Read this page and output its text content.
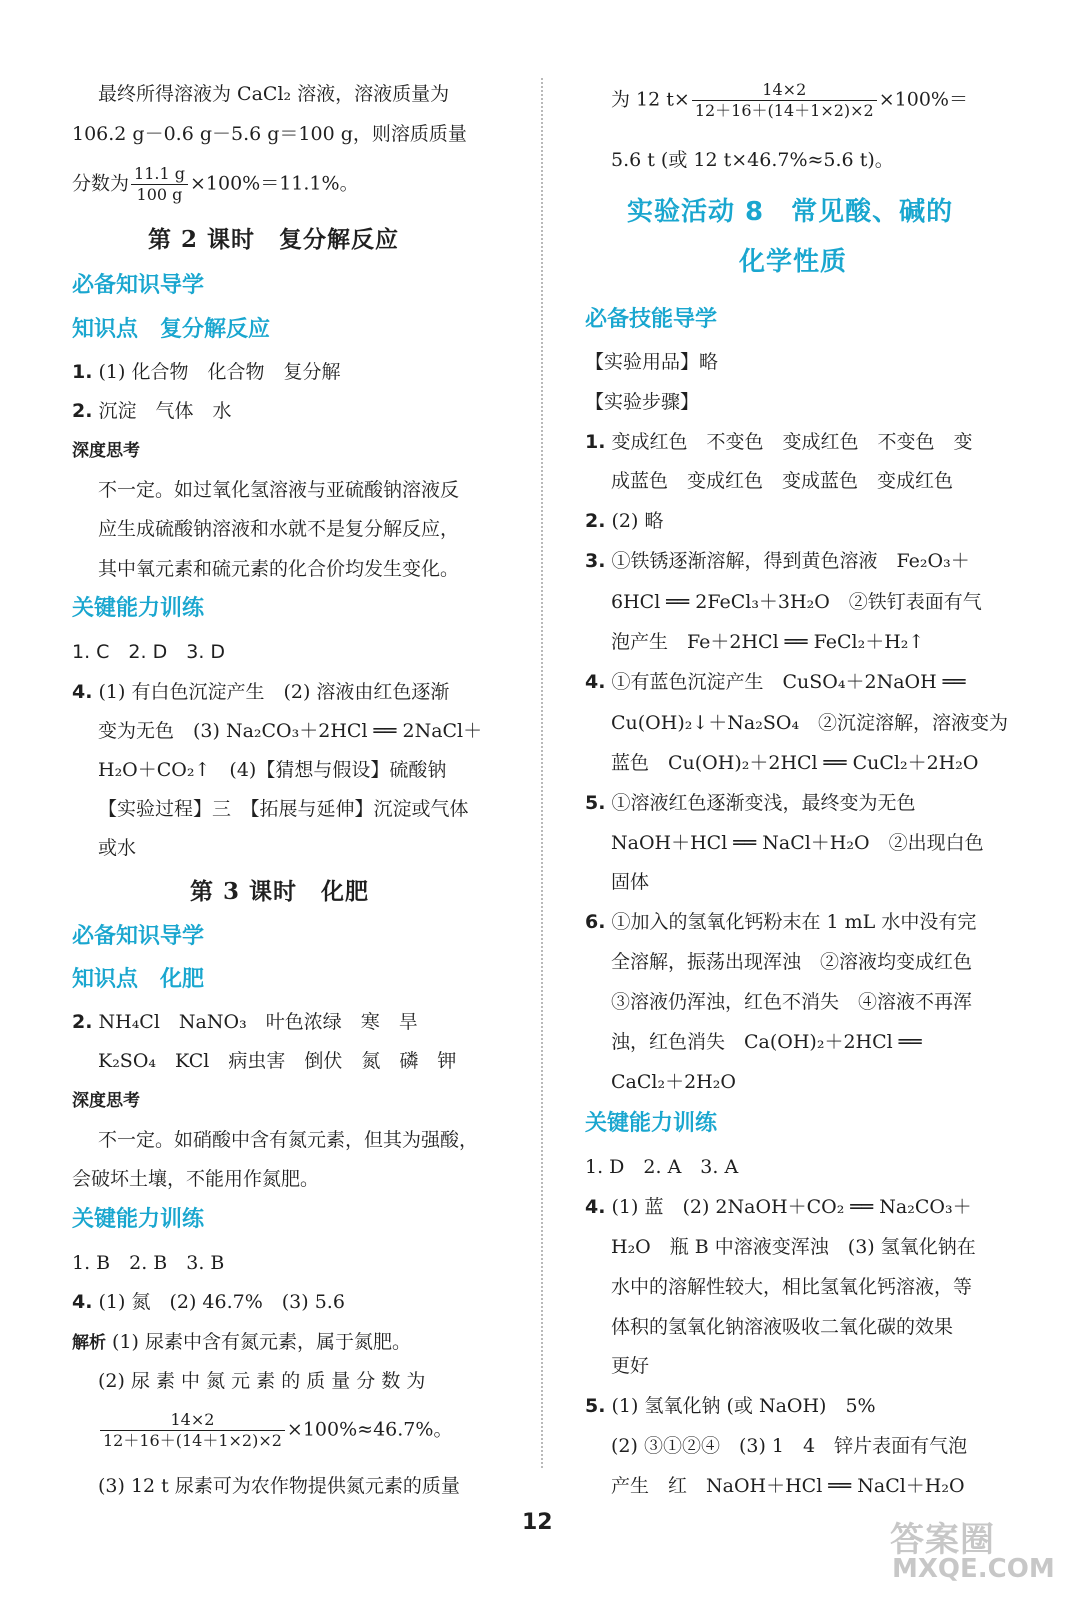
最终所得溶液为 CaCl₂ 溶液，溶液质量为
106.2 g－0.6 g－5.6 g＝100 g，则溶质质量
分数为 $\frac{11.1 g}{100 g} \times 100\%=11.1\%$。
第 2 课时　复分解反应
必备知识导学
知识点　复分解反应
1. (1) 化合物　化合物　复分解
2. 沉淀　气体　水
深度思考
不一定。如过氧化氢溶液与亚硫酸钠溶液反
应生成硫酸钠溶液和水就不是复分解反应，
其中氧元素和硫元素的化合价均发生变化。
关键能力训练
1. C　2. D　3. D
4. (1) 有白色沉淀产生　(2) 溶液由红色逐渐
变为无色　(3) Na₂CO₃＋2HCl ══ 2NaCl＋
H₂O＋CO₂↑　(4)【猜想与假设】硫酸钠
【实验过程】三　【拓展与延伸】沉淀或气体
或水
第 3 课时　化肥
必备知识导学
知识点　化肥
2. NH₄Cl　NaNO₃　叶色浓绿　寒　旱
K₂SO₄　KCl　病虫害　倒伏　氮　磷　钾
深度思考
不一定。如硝酸中含有氮元素，但其为强酸，
会破坏土壤，不能用作氮肥。
关键能力训练
1. B　2. B　3. B
4. (1) 氮　(2) 46.7%　(3) 5.6
解析 (1) 尿素中含有氮元素，属于氮肥。
(2) 尿 素 中 氮 元 素 的 质 量 分 数 为
$\frac{14\times 2}{12+16+(14+1\times 2)\times 2} \times 100\%\approx 46.7\%$。
(3) 12 t 尿素可为农作物提供氮元素的质量
为 12 $t\times \frac{14\times 2}{12+16+(14+1\times 2)\times 2} \times 100\%=$
5.6 t (或 12 t×46.7%≈5.6 t)。
实验活动 8　常见酸、碱的
化学性质
必备技能导学
【实验用品】略
【实验步骤】
1. 变成红色　不变色　变成红色　不变色　变
成蓝色　变成红色　变成蓝色　变成红色
2. (2) 略
3. ①铁锈逐渐溶解，得到黄色溶液　Fe₂O₃＋
6HCl ══ 2FeCl₃＋3H₂O　②铁钉表面有气
泡产生　Fe＋2HCl ══ FeCl₂＋H₂↑
4. ①有蓝色沉淀产生　CuSO₄＋2NaOH ══
Cu(OH)₂↓＋Na₂SO₄　②沉淀溶解，溶液变为
蓝色　Cu(OH)₂＋2HCl ══ CuCl₂＋2H₂O
5. ①溶液红色逐渐变浅，最终变为无色
NaOH＋HCl ══ NaCl＋H₂O　②出现白色
固体
6. ①加入的氢氧化钙粉末在 1 mL 水中没有完
全溶解，振荡出现浑浊　②溶液均变成红色
③溶液仍浑浊，红色不消失　④溶液不再浑
浊，红色消失　Ca(OH)₂＋2HCl ══
CaCl₂＋2H₂O
关键能力训练
1. D　2. A　3. A
4. (1) 蓝　(2) 2NaOH＋CO₂ ══ Na₂CO₃＋
H₂O　瓶 B 中溶液变浑浊　(3) 氢氧化钠在
水中的溶解性较大，相比氢氧化钙溶液，等
体积的氢氧化钠溶液吸收二氧化碳的效果
更好
5. (1) 氢氧化钠 (或 NaOH)　5%
(2) ③①②④　(3) 1　4　锌片表面有气泡
产生　红　NaOH＋HCl ══ NaCl＋H₂O
12	答案圈
MXQE.COM
